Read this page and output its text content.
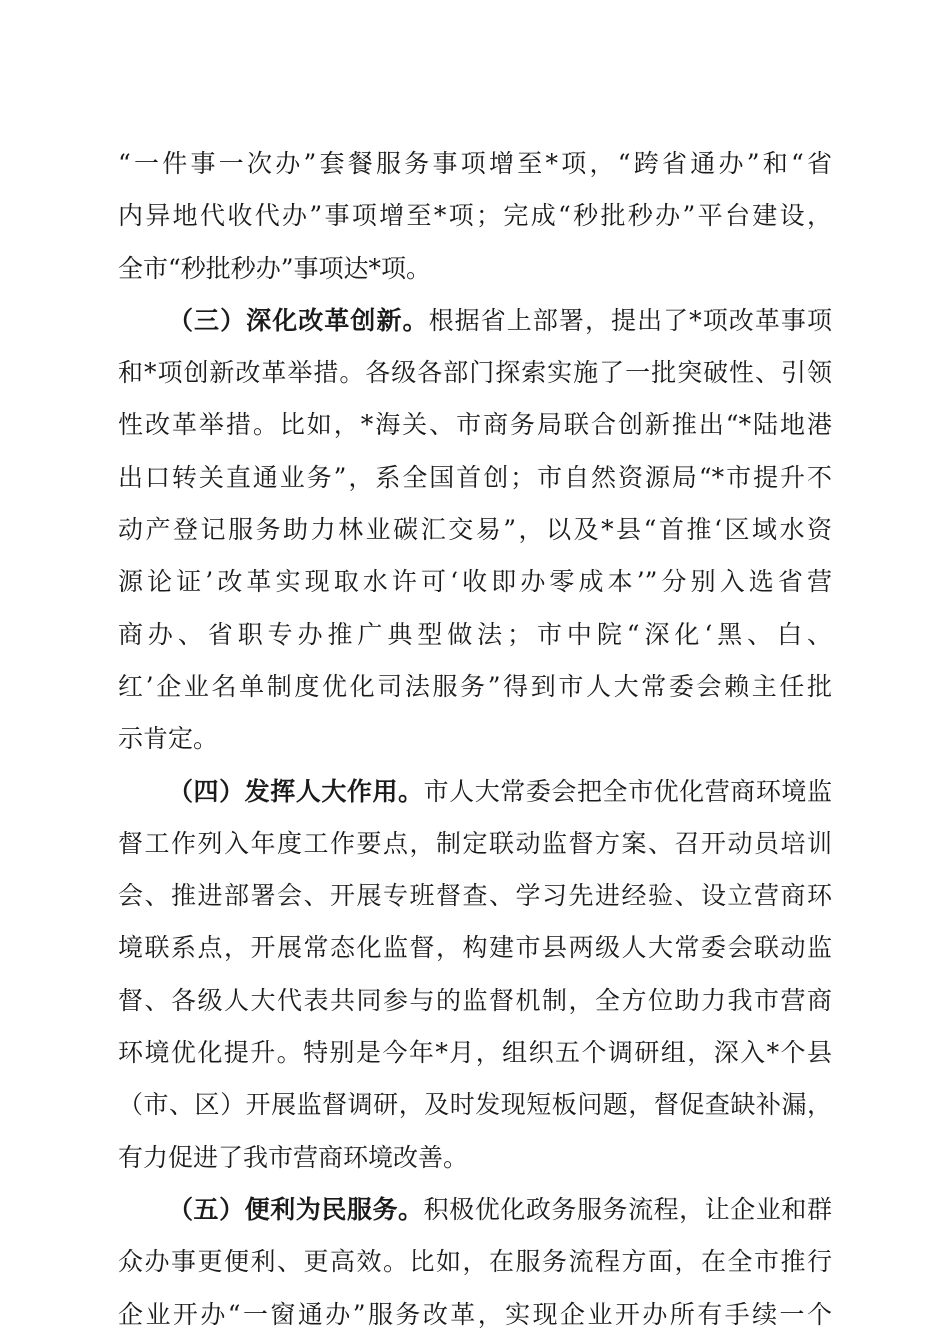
“一件事一次办”套餐服务事项增至*项，“跨省通办”和“省
内异地代收代办”事项增至*项；完成“秒批秒办”平台建设，
全市“秒批秒办”事项达*项。
（三）深化改革创新。根据省上部署，提出了*项改革事项
和*项创新改革举措。各级各部门探索实施了一批突破性、引领
性改革举措。比如，*海关、市商务局联合创新推出“*陆地港
出口转关直通业务”，系全国首创；市自然资源局“*市提升不
动产登记服务助力林业碳汇交易”，以及*县“首推‘区域水资
源论证’改革实现取水许可‘收即办零成本’”分别入选省营
商办、省职专办推广典型做法；市中院“深化‘黑、白、
红’企业名单制度优化司法服务”得到市人大常委会赖主任批
示肯定。
（四）发挥人大作用。市人大常委会把全市优化营商环境监
督工作列入年度工作要点，制定联动监督方案、召开动员培训
会、推进部署会、开展专班督查、学习先进经验、设立营商环
境联系点，开展常态化监督，构建市县两级人大常委会联动监
督、各级人大代表共同参与的监督机制，全方位助力我市营商
环境优化提升。特别是今年*月，组织五个调研组，深入*个县
（市、区）开展监督调研，及时发现短板问题，督促查缺补漏，
有力促进了我市营商环境改善。
（五）便利为民服务。积极优化政务服务流程，让企业和群
众办事更便利、更高效。比如，在服务流程方面，在全市推行
企业开办“一窗通办”服务改革，实现企业开办所有手续一个
